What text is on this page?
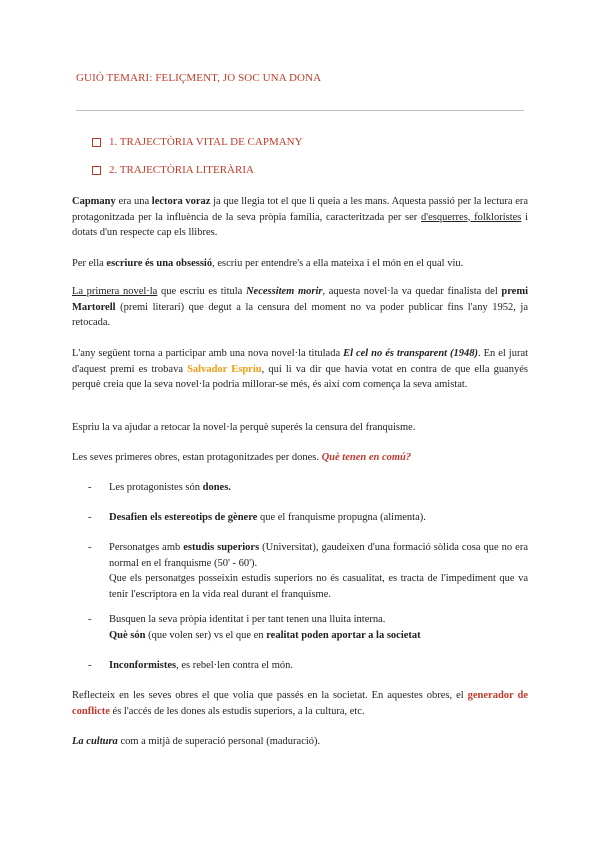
GUIÓ TEMARI: FELIÇMENT, JO SOC UNA DONA
1. TRAJECTÒRIA VITAL DE CAPMANY
2. TRAJECTÒRIA LITERÀRIA
Capmany era una lectora voraz ja que llegia tot el que li queia a les mans. Aquesta passió per la lectura era protagonitzada per la influència de la seva pròpia família, caracteritzada per ser d'esquerres, folkloristes i dotats d'un respecte cap els llibres.
Per ella escriure és una obsessió, escriu per entendre's a ella mateixa i el món en el qual viu.
La primera novel·la que escriu es titula Necessitem morir, aquesta novel·la va quedar finalista del premi Martorell (premi literari) que degut a la censura del moment no va poder publicar fins l'any 1952, ja retocada.
L'any següent torna a participar amb una nova novel·la titulada El cel no és transparent (1948). En el jurat d'aquest premi es trobava Salvador Espriu, qui li va dir que havia votat en contra de que ella guanyés perquè creia que la seva novel·la podria millorar-se més, és així com comença la seva amistat.
Espriu la va ajudar a retocar la novel·la perquè superés la censura del franquisme.
Les seves primeres obres, estan protagonitzades per dones. Què tenen en comú?
-	Les protagonistes són dones.
-	Desafien els estereotips de gènere que el franquisme propugna (alimenta).
-	Personatges amb estudis superiors (Universitat), gaudeixen d'una formació sòlida cosa que no era normal en el franquisme (50' - 60').
Que els personatges posseixin estudis superiors no és casualitat, es tracta de l'impediment que va tenir l'escriptora en la vida real durant el franquisme.
-	Busquen la seva pròpia identitat i per tant tenen una lluita interna.
Què són (que volen ser) vs el que en realitat poden aportar a la societat
-	Inconformistes, es rebel·len contra el món.
Reflecteix en les seves obres el que volia que passés en la societat. En aquestes obres, el generador de conflicte és l'accés de les dones als estudis superiors, a la cultura, etc.
La cultura com a mitjà de superació personal (maduració).
